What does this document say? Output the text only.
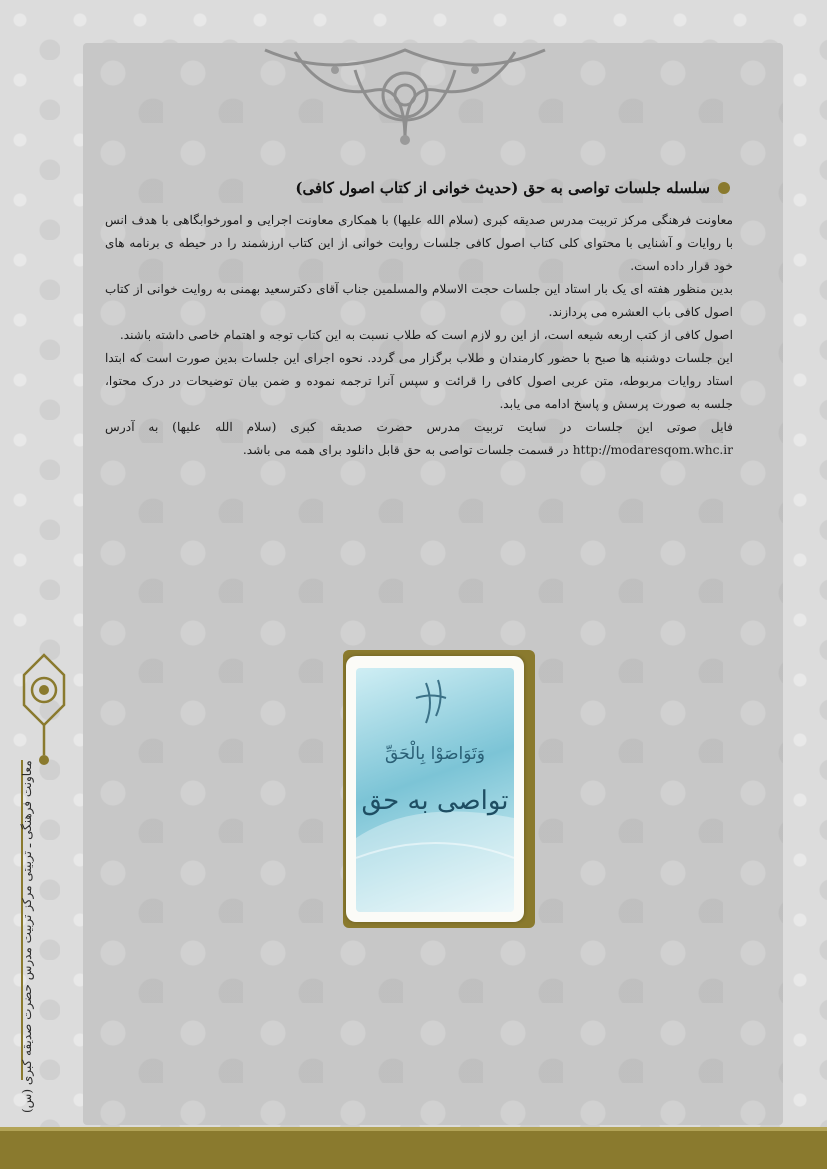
سلسله جلسات تواصی به حق (حدیث خوانی از کتاب اصول کافی)

معاونت فرهنگی مرکز تربیت مدرس صدیقه کبری (سلام الله علیها) با همکاری معاونت اجرایی و امورخوابگاهی با هدف انس با روایات و آشنایی با محتوای کلی کتاب اصول کافی جلسات روایت خوانی از این کتاب ارزشمند را در حیطه ی برنامه های خود قرار داده است.

بدین منظور هفته ای یک بار استاد این جلسات حجت الاسلام والمسلمین جناب آقای دکترسعید بهمنی به روایت خوانی از کتاب اصول کافی باب العشره می پردازند.

اصول کافی از کتب اربعه شیعه است، از این رو لازم است که طلاب نسبت به این کتاب توجه و اهتمام خاصی داشته باشند.

این جلسات دوشنبه ها صبح با حضور کارمندان و طلاب برگزار می گردد. نحوه اجرای این جلسات بدین صورت است که ابتدا استاد روایات مربوطه، متن عربی اصول کافی را قرائت و سپس آنرا ترجمه نموده و ضمن بیان توضیحات در درک محتوا، جلسه به صورت پرسش و پاسخ ادامه می یابد.

فایل صوتی این جلسات در سایت تربیت مدرس حضرت صدیقه کبری (سلام الله علیها) به آدرس http://modaresqom.whc.ir در قسمت جلسات تواصی به حق قابل دانلود برای همه می باشد.

وَتَوَاصَوْا بِالْحَقِّ
تواصی به حق
معاونت فرهنگی ـ تربیتی مرکز تربیت مدرس حضرت صدیقه کبری (س)
